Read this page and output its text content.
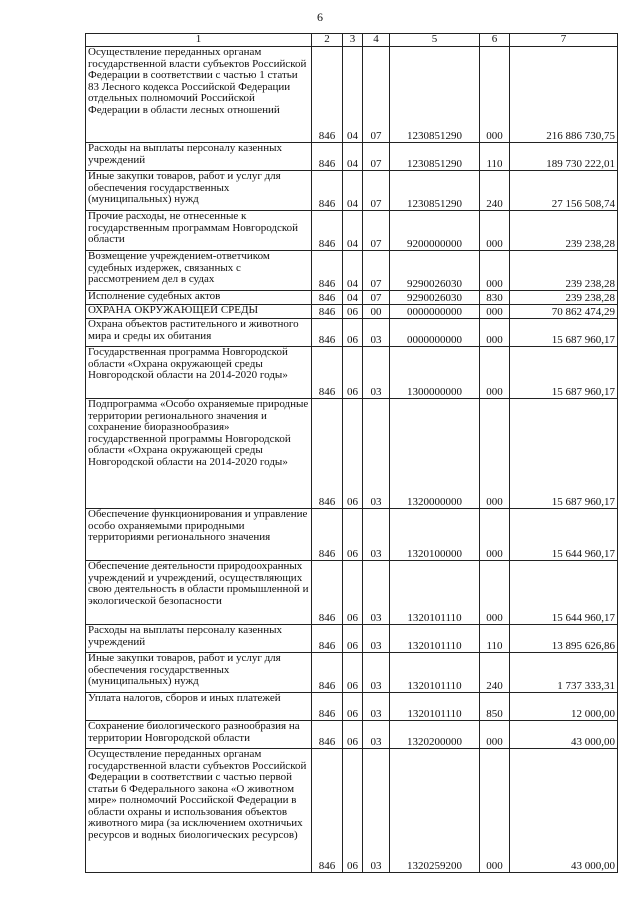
6
1	2	3	4	5	6	7
Осуществление переданных органам государственной власти субъектов Российской Федерации в соответствии с частью 1 статьи 83 Лесного кодекса Российской Федерации отдельных полномочий Российской Федерации в области лесных отношений	846	04	07	1230851290	000	216 886 730,75
Расходы на выплаты персоналу казенных учреждений	846	04	07	1230851290	110	189 730 222,01
Иные закупки товаров, работ и услуг для обеспечения государственных (муниципальных) нужд	846	04	07	1230851290	240	27 156 508,74
Прочие расходы, не отнесенные к государственным программам Новгородской области	846	04	07	9200000000	000	239 238,28
Возмещение учреждением-ответчиком судебных издержек, связанных с рассмотрением дел в судах	846	04	07	9290026030	000	239 238,28
Исполнение судебных актов	846	04	07	9290026030	830	239 238,28
ОХРАНА ОКРУЖАЮЩЕЙ СРЕДЫ	846	06	00	0000000000	000	70 862 474,29
Охрана объектов растительного и животного мира и среды их обитания	846	06	03	0000000000	000	15 687 960,17
Государственная программа Новгородской области «Охрана окружающей среды Новгородской области на 2014-2020 годы»	846	06	03	1300000000	000	15 687 960,17
Подпрограмма «Особо охраняемые природные территории регионального значения и сохранение биоразнообразия» государственной программы Новгородской области «Охрана окружающей среды Новгородской области на 2014-2020 годы»	846	06	03	1320000000	000	15 687 960,17
Обеспечение функционирования и управление особо охраняемыми природными территориями регионального значения	846	06	03	1320100000	000	15 644 960,17
Обеспечение деятельности природоохранных учреждений и учреждений, осуществляющих свою деятельность в области промышленной и экологической безопасности	846	06	03	1320101110	000	15 644 960,17
Расходы на выплаты персоналу казенных учреждений	846	06	03	1320101110	110	13 895 626,86
Иные закупки товаров, работ и услуг для обеспечения государственных (муниципальных) нужд	846	06	03	1320101110	240	1 737 333,31
Уплата налогов, сборов и иных платежей	846	06	03	1320101110	850	12 000,00
Сохранение биологического разнообразия на территории Новгородской области	846	06	03	1320200000	000	43 000,00
Осуществление переданных органам государственной власти субъектов Российской Федерации в соответствии с частью первой статьи 6 Федерального закона «О животном мире» полномочий Российской Федерации в области охраны и использования объектов животного мира (за исключением охотничьих ресурсов и водных биологических ресурсов)	846	06	03	1320259200	000	43 000,00
